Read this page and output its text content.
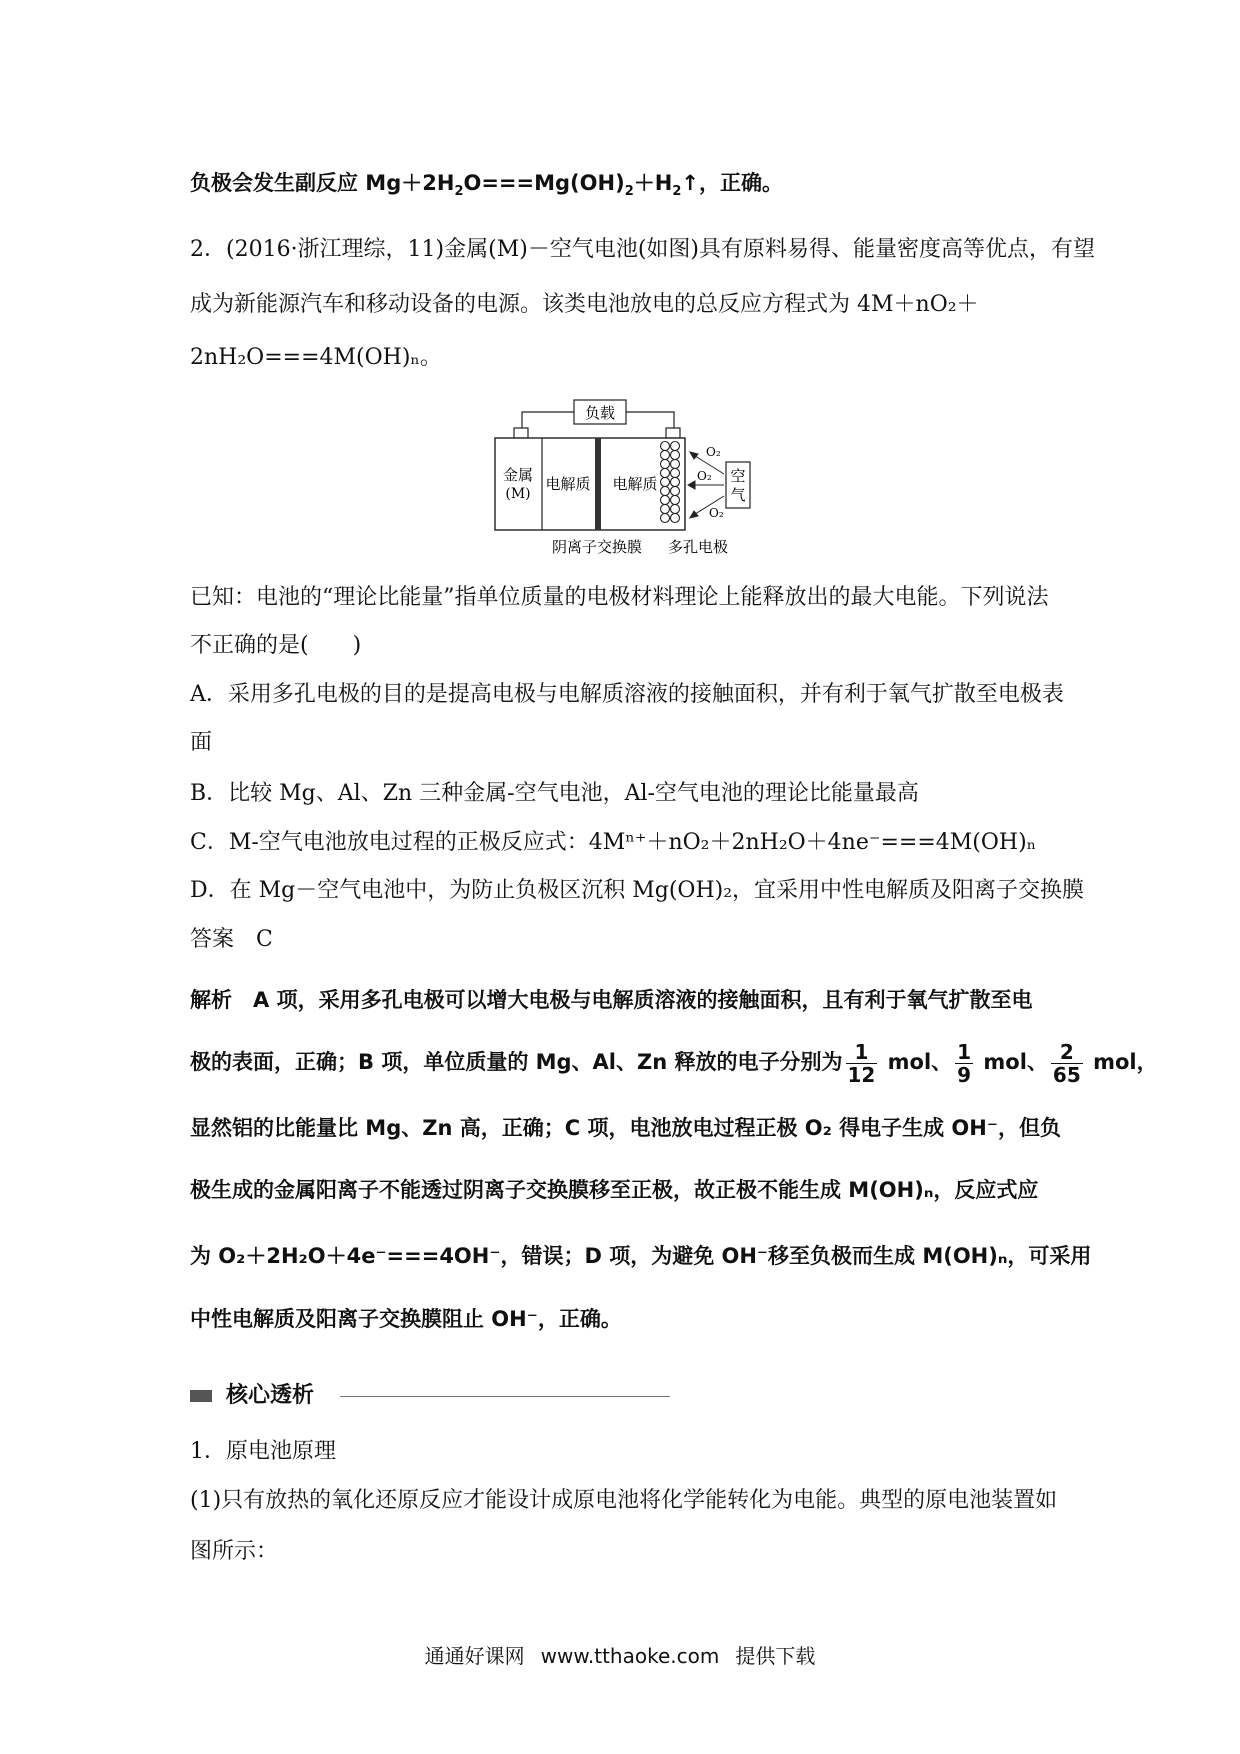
负极会发生副反应 $Mg+2H_2O===Mg(OH)_2+H_2↑$，正确。
2．(2016·浙江理综，11)金属(M)－空气电池(如图)具有原料易得、能量密度高等优点，有望
成为新能源汽车和移动设备的电源。该类电池放电的总反应方程式为 4M＋nO₂＋
2nH₂O===4M(OH)ₙ。
负载
金属
(M)
电解质 电解质	空
气
O₂
O₂
O₂
阴离子交换膜 多孔电极
已知：电池的“理论比能量”指单位质量的电极材料理论上能释放出的最大电能。下列说法
不正确的是(　　)
A．采用多孔电极的目的是提高电极与电解质溶液的接触面积，并有利于氧气扩散至电极表
面
B．比较 Mg、Al、Zn 三种金属-空气电池，Al-空气电池的理论比能量最高
C．M-空气电池放电过程的正极反应式：4Mⁿ⁺＋nO₂＋2nH₂O＋4ne⁻===4M(OH)ₙ
D．在 Mg－空气电池中，为防止负极区沉积 Mg(OH)₂，宜采用中性电解质及阳离子交换膜
答案　C
解析　A 项，采用多孔电极可以增大电极与电解质溶液的接触面积，且有利于氧气扩散至电
极的表面，正确；B 项，单位质量的 Mg、Al、Zn 释放的电子分别为 $\frac{1}{12}$ mol、 $\frac{1}{9}$ mol、 $\frac{2}{65}$ mol，
显然铝的比能量比 Mg、Zn 高，正确；C 项，电池放电过程正极 O₂ 得电子生成 OH⁻，但负
极生成的金属阳离子不能透过阴离子交换膜移至正极，故正极不能生成 M(OH)ₙ，反应式应
为 O₂＋2H₂O＋4e⁻===4OH⁻，错误；D 项，为避免 OH⁻移至负极而生成 M(OH)ₙ，可采用
中性电解质及阳离子交换膜阻止 OH⁻，正确。
核心透析
1．原电池原理
(1)只有放热的氧化还原反应才能设计成原电池将化学能转化为电能。典型的原电池装置如
图所示：
通通好课网 www.tthaoke.com 提供下载
